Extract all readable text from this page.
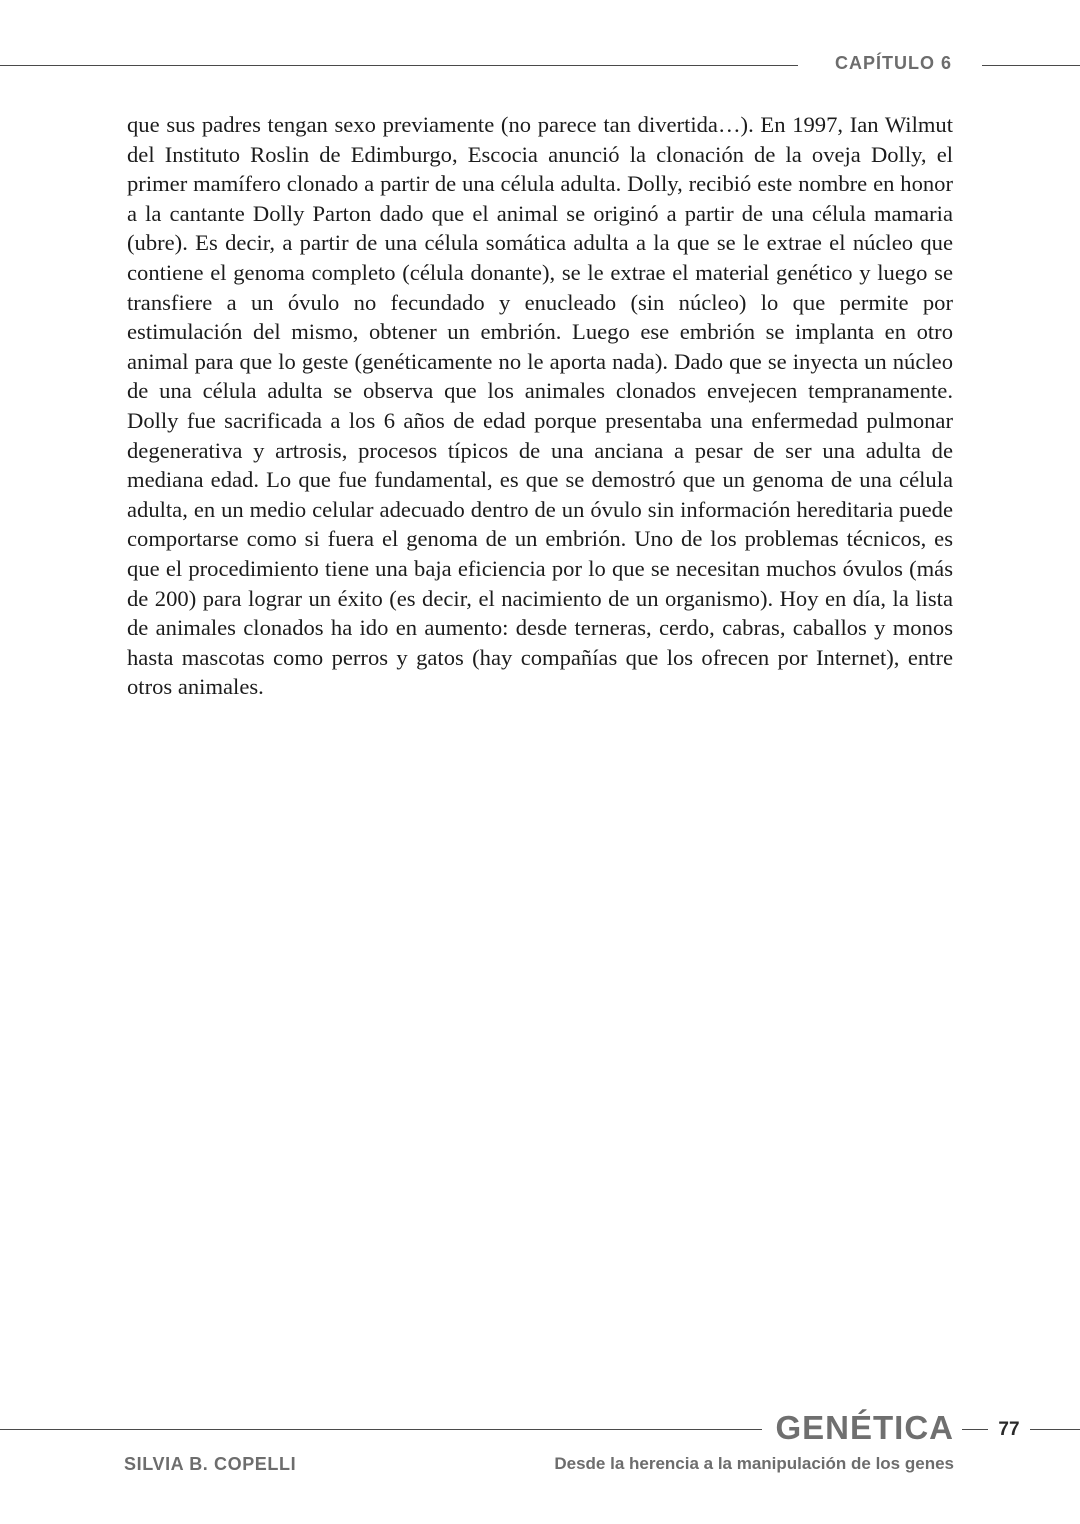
CAPÍTULO 6

que sus padres tengan sexo previamente (no parece tan divertida…). En 1997, Ian Wilmut del Instituto Roslin de Edimburgo, Escocia anunció la clonación de la oveja Dolly, el primer mamífero clonado a partir de una célula adulta. Dolly, recibió este nombre en honor a la cantante Dolly Parton dado que el animal se originó a partir de una célula mamaria (ubre). Es decir, a partir de una célula somática adulta a la que se le extrae el núcleo que contiene el genoma completo (célula donante), se le extrae el material genético y luego se transfiere a un óvulo no fecundado y enucleado (sin núcleo) lo que permite por estimulación del mismo, obtener un embrión. Luego ese embrión se implanta en otro animal para que lo geste (genéticamente no le aporta nada). Dado que se inyecta un núcleo de una célula adulta se observa que los animales clonados envejecen tempranamente. Dolly fue sacrificada a los 6 años de edad porque presentaba una enfermedad pulmonar degenerativa y artrosis, procesos típicos de una anciana a pesar de ser una adulta de mediana edad. Lo que fue fundamental, es que se demostró que un genoma de una célula adulta, en un medio celular adecuado dentro de un óvulo sin información hereditaria puede comportarse como si fuera el genoma de un embrión. Uno de los problemas técnicos, es que el procedimiento tiene una baja eficiencia por lo que se necesitan muchos óvulos (más de 200) para lograr un éxito (es decir, el nacimiento de un organismo). Hoy en día, la lista de animales clonados ha ido en aumento: desde terneras, cerdo, cabras, caballos y monos hasta mascotas como perros y gatos (hay compañías que los ofrecen por Internet), entre otros animales.

GENÉTICA	77
SILVIA B. COPELLI	Desde la herencia a la manipulación de los genes
